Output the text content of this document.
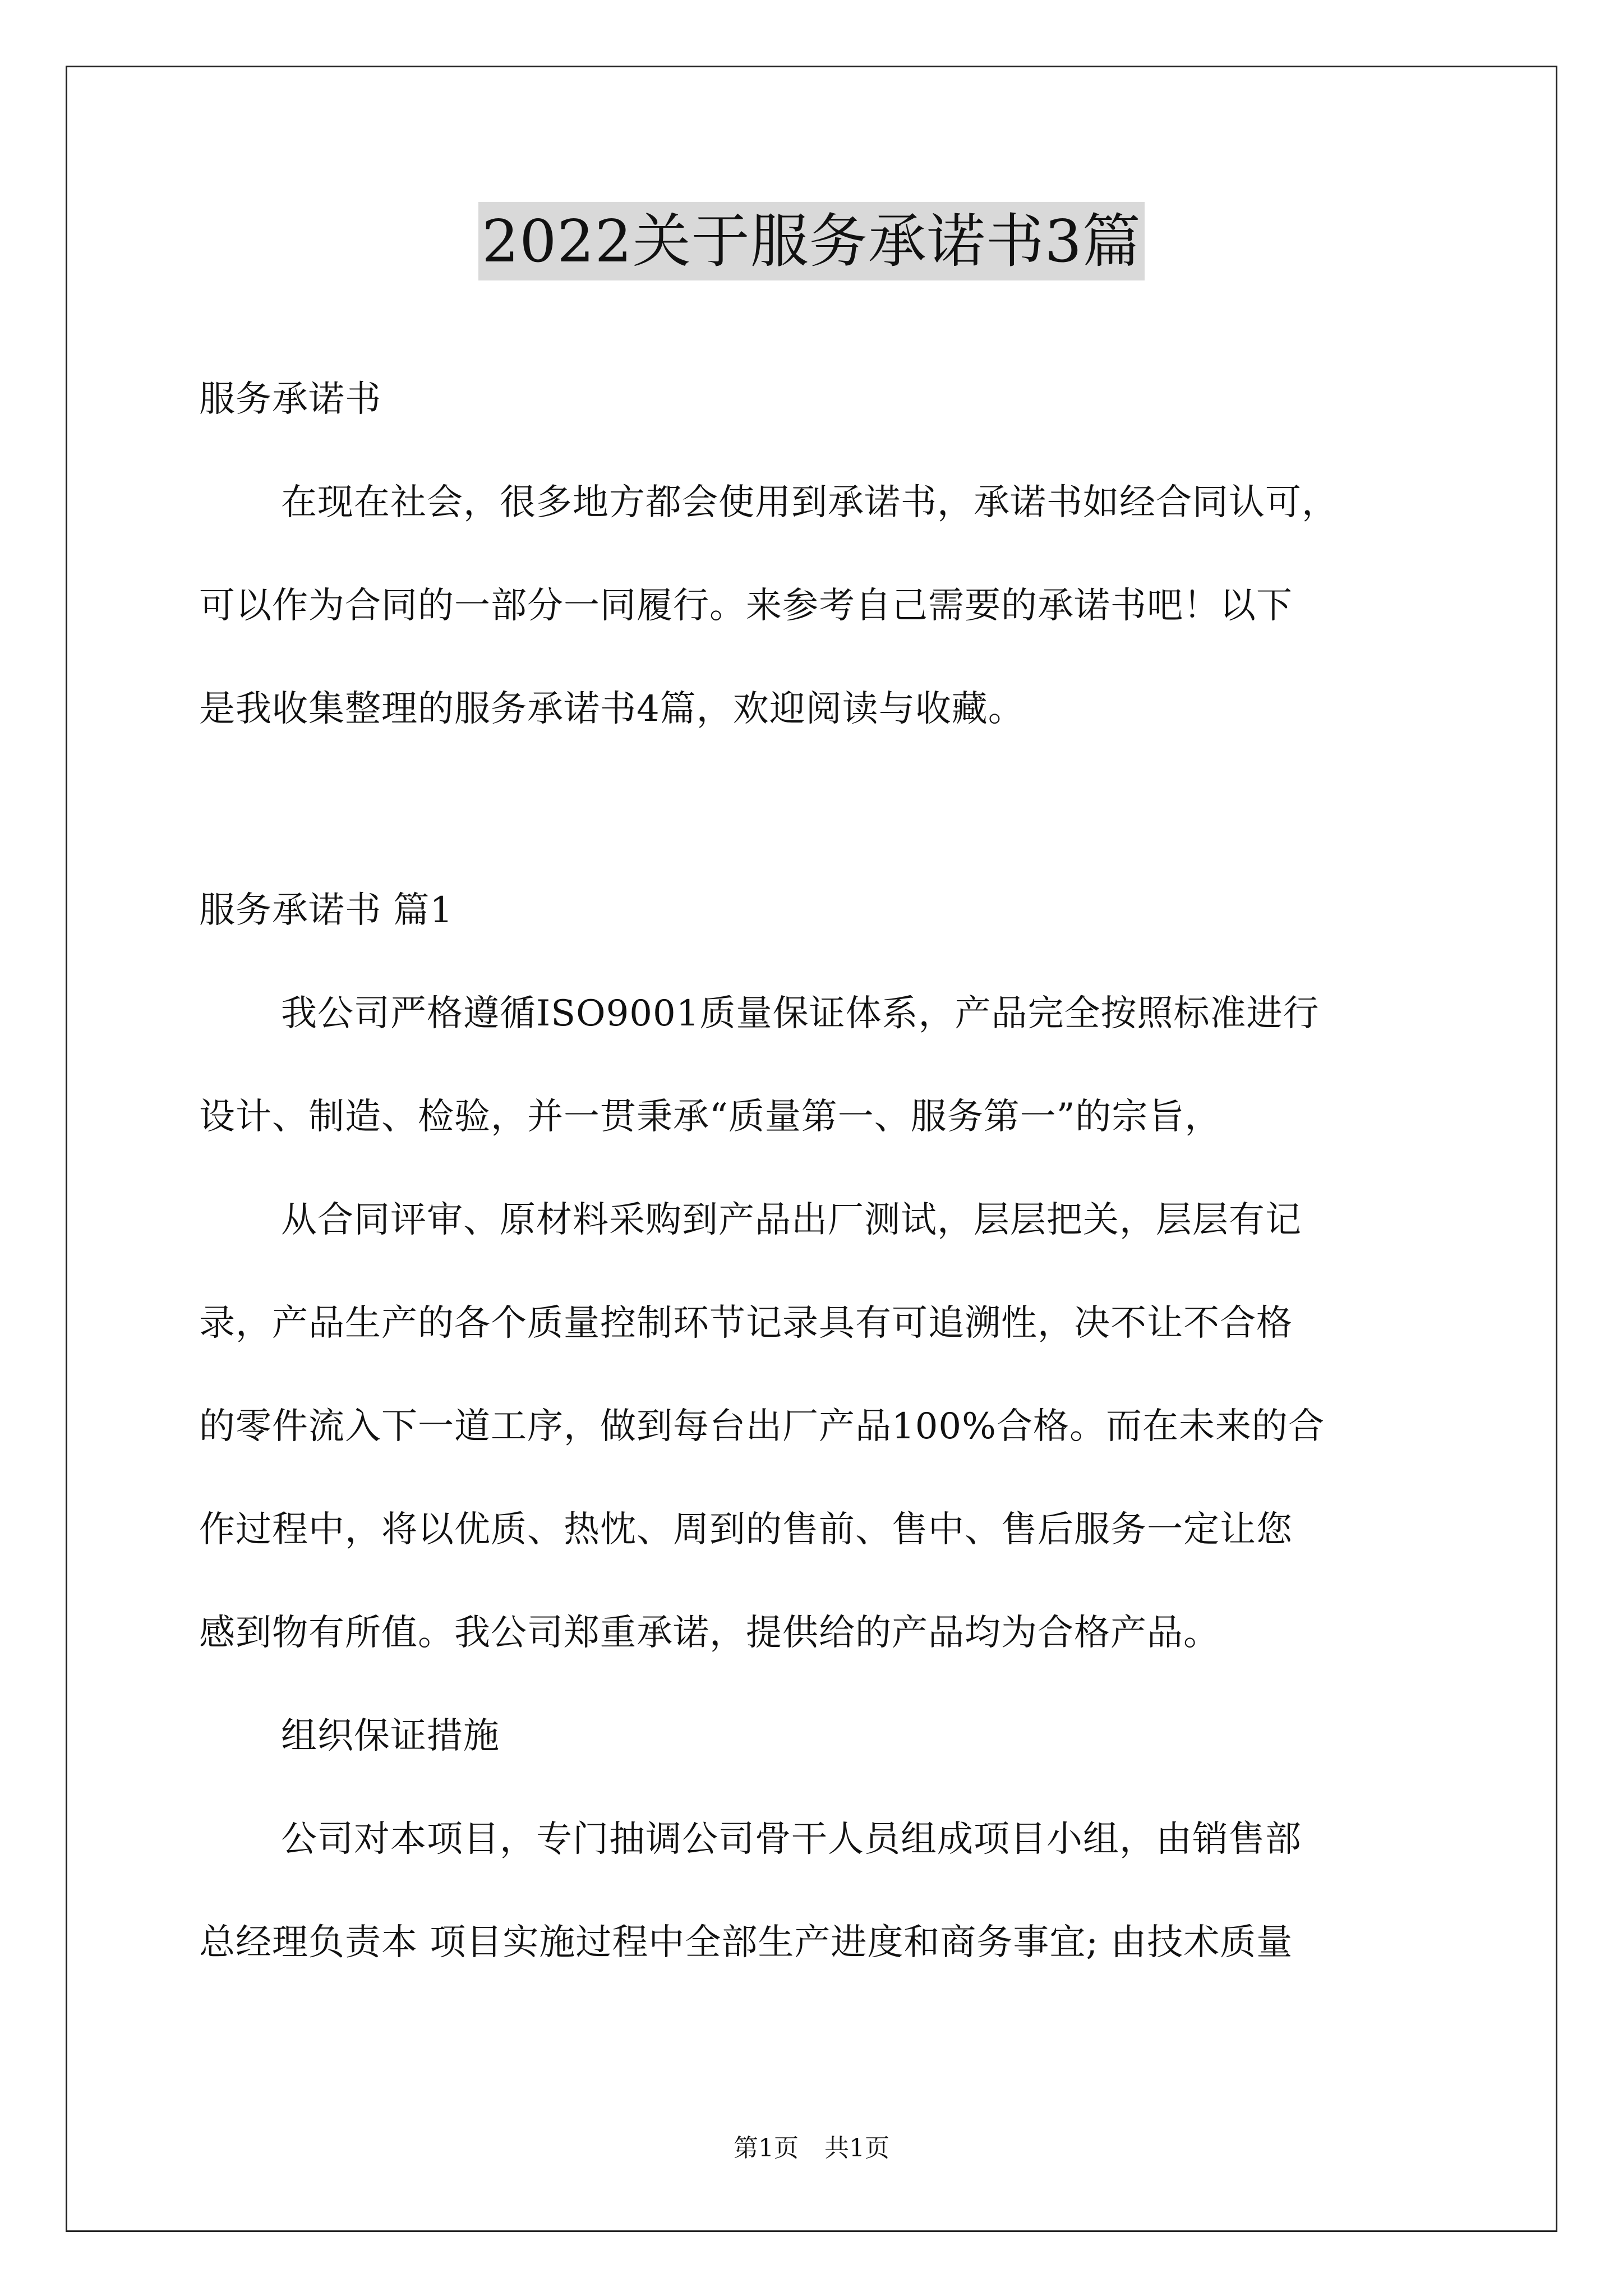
2022关于服务承诺书3篇
服务承诺书
在现在社会，很多地方都会使用到承诺书，承诺书如经合同认可，
可以作为合同的一部分一同履行。来参考自己需要的承诺书吧！以下
是我收集整理的服务承诺书4篇，欢迎阅读与收藏。
服务承诺书 篇1
我公司严格遵循ISO9001质量保证体系，产品完全按照标准进行
设计、制造、检验，并一贯秉承“质量第一、服务第一”的宗旨，
从合同评审、原材料采购到产品出厂测试，层层把关，层层有记
录，产品生产的各个质量控制环节记录具有可追溯性，决不让不合格
的零件流入下一道工序，做到每台出厂产品100%合格。而在未来的合
作过程中，将以优质、热忱、周到的售前、售中、售后服务一定让您
感到物有所值。我公司郑重承诺，提供给的产品均为合格产品。
组织保证措施
公司对本项目，专门抽调公司骨干人员组成项目小组，由销售部
总经理负责本 项目实施过程中全部生产进度和商务事宜; 由技术质量
第1页 共1页
